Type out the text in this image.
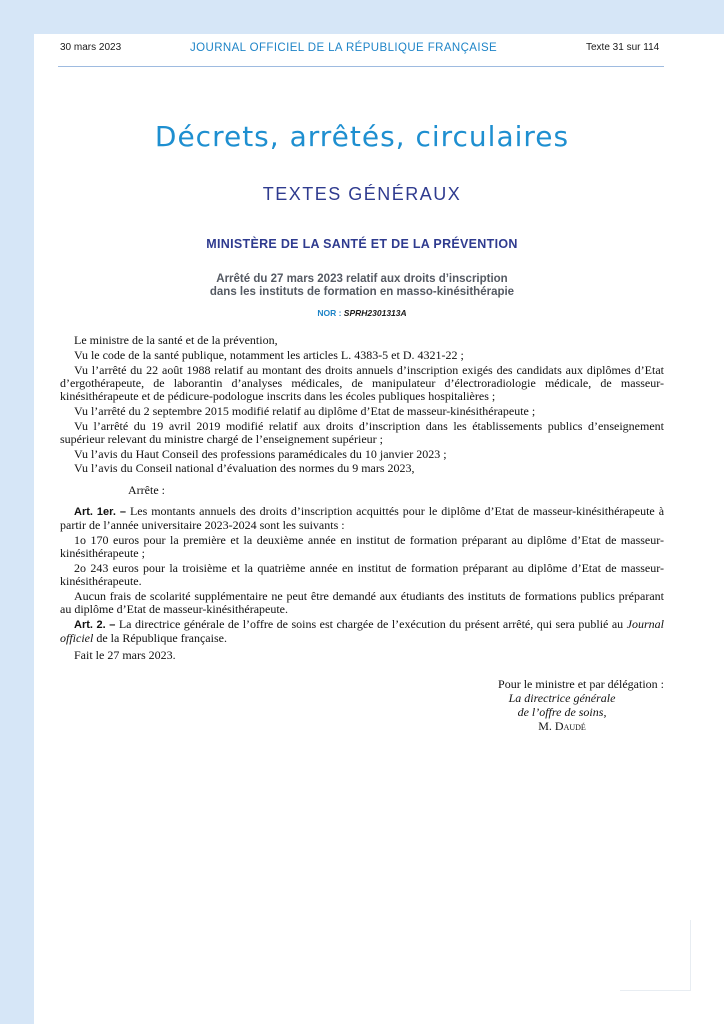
30 mars 2023	JOURNAL OFFICIEL DE LA RÉPUBLIQUE FRANÇAISE	Texte 31 sur 114
Décrets, arrêtés, circulaires
TEXTES GÉNÉRAUX
MINISTÈRE DE LA SANTÉ ET DE LA PRÉVENTION
Arrêté du 27 mars 2023 relatif aux droits d’inscription
dans les instituts de formation en masso-kinésithérapie
NOR : SPRH2301313A

Le ministre de la santé et de la prévention,

Vu le code de la santé publique, notamment les articles L. 4383-5 et D. 4321-22 ;

Vu l’arrêté du 22 août 1988 relatif au montant des droits annuels d’inscription exigés des candidats aux diplômes d’Etat d’ergothérapeute, de laborantin d’analyses médicales, de manipulateur d’électroradiologie médicale, de masseur-kinésithérapeute et de pédicure-podologue inscrits dans les écoles publiques hospitalières ;

Vu l’arrêté du 2 septembre 2015 modifié relatif au diplôme d’Etat de masseur-kinésithérapeute ;

Vu l’arrêté du 19 avril 2019 modifié relatif aux droits d’inscription dans les établissements publics d’enseignement supérieur relevant du ministre chargé de l’enseignement supérieur ;

Vu l’avis du Haut Conseil des professions paramédicales du 10 janvier 2023 ;

Vu l’avis du Conseil national d’évaluation des normes du 9 mars 2023,

Arrête :

Art. 1er. – Les montants annuels des droits d’inscription acquittés pour le diplôme d’Etat de masseur-kinésithérapeute à partir de l’année universitaire 2023-2024 sont les suivants :

1o 170 euros pour la première et la deuxième année en institut de formation préparant au diplôme d’Etat de masseur-kinésithérapeute ;

2o 243 euros pour la troisième et la quatrième année en institut de formation préparant au diplôme d’Etat de masseur-kinésithérapeute.

Aucun frais de scolarité supplémentaire ne peut être demandé aux étudiants des instituts de formations publics préparant au diplôme d’Etat de masseur-kinésithérapeute.

Art. 2. – La directrice générale de l’offre de soins est chargée de l’exécution du présent arrêté, qui sera publié au Journal officiel de la République française.

Fait le 27 mars 2023.

Pour le ministre et par délégation :
La directrice générale
de l’offre de soins,
M. Daudé
